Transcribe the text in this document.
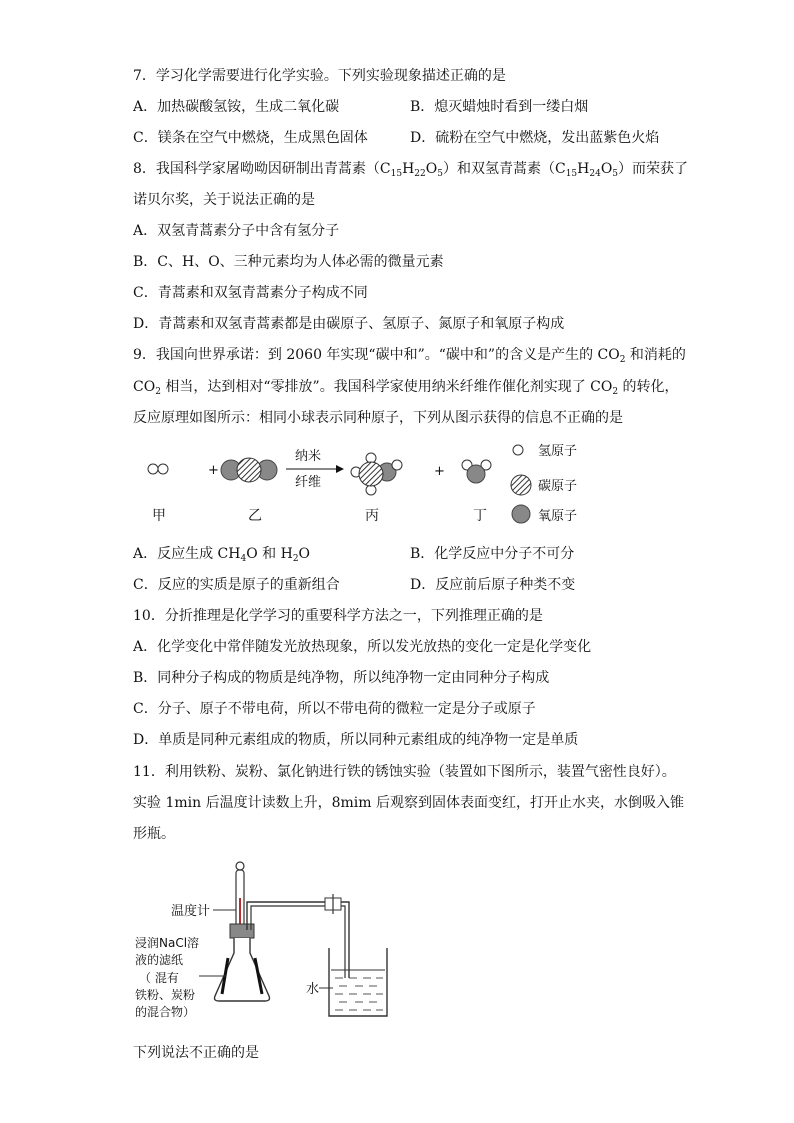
7．学习化学需要进行化学实验。下列实验现象描述正确的是
A．加热碳酸氢铵，生成二氧化碳	B．熄灭蜡烛时看到一缕白烟
C．镁条在空气中燃烧，生成黑色固体	D．硫粉在空气中燃烧，发出蓝紫色火焰
8．我国科学家屠呦呦因研制出青蒿素$(C_{15}H_{22}O_5)$和双氢青蒿素$(C_{15}H_{24}O_5)$而荣获了
诺贝尔奖，关于说法正确的是
A．双氢青蒿素分子中含有氢分子
B．C、H、O、三种元素均为人体必需的微量元素
C．青蒿素和双氢青蒿素分子构成不同
D．青蒿素和双氢青蒿素都是由碳原子、氢原子、氮原子和氧原子构成
9．我国向世界承诺：到 2060 年实现“碳中和”。“碳中和”的含义是产生的 $CO_2$ 和消耗的
$CO_2$ 相当，达到相对“零排放”。我国科学家使用纳米纤维作催化剂实现了 $CO_2$ 的转化，
反应原理如图所示：相同小球表示同种原子，下列从图示获得的信息不正确的是
+
纳米
纤维
+
甲	乙	丙	丁
氢原子
碳原子
氧原子
A．反应生成 $CH_4O$ 和 $H_2O$	B．化学反应中分子不可分
C．反应的实质是原子的重新组合	D．反应前后原子种类不变
10．分折推理是化学学习的重要科学方法之一，下列推理正确的是
A．化学变化中常伴随发光放热现象，所以发光放热的变化一定是化学变化
B．同种分子构成的物质是纯净物，所以纯净物一定由同种分子构成
C．分子、原子不带电荷，所以不带电荷的微粒一定是分子或原子
D．单质是同种元素组成的物质，所以同种元素组成的纯净物一定是单质
11．利用铁粉、炭粉、氯化钠进行铁的锈蚀实验（装置如下图所示，装置气密性良好）。
实验 1min 后温度计读数上升，8mim 后观察到固体表面变红，打开止水夹，水倒吸入锥
形瓶。
温度计
浸润NaCl溶
液的滤纸
（ 混有
铁粉、炭粉
的混合物）
水
下列说法不正确的是
